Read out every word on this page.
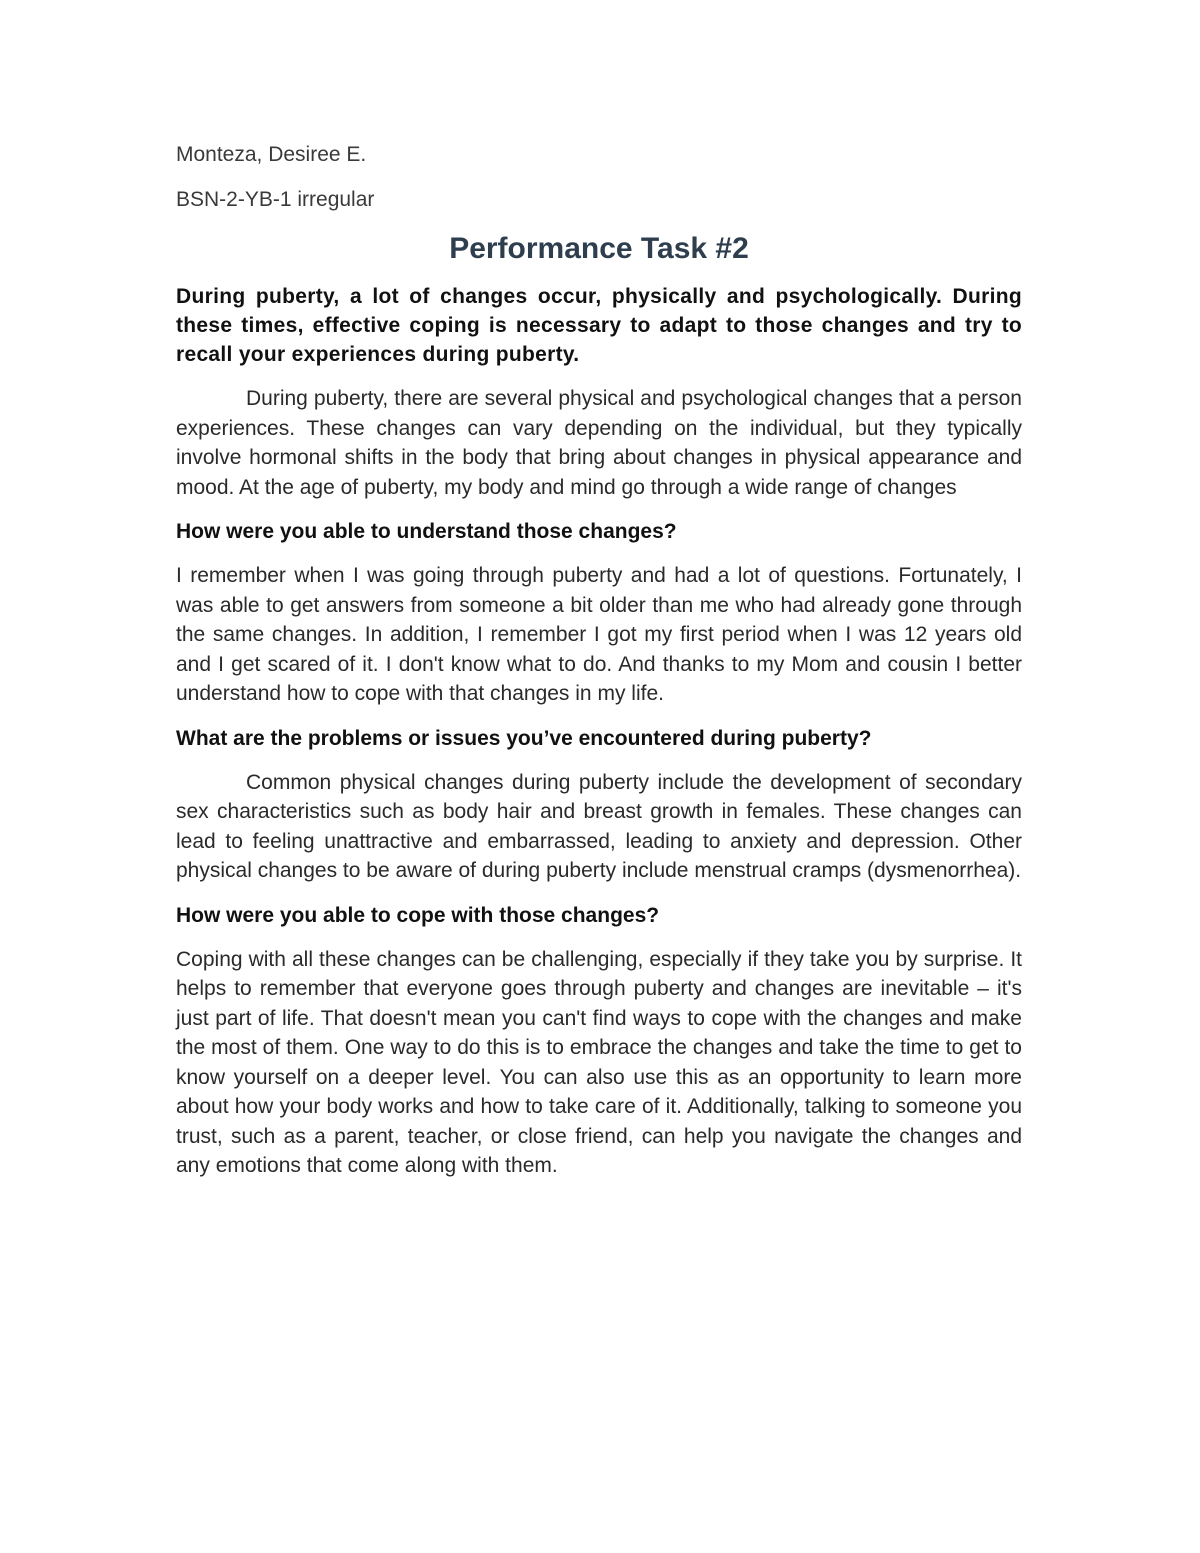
Monteza, Desiree E.

BSN-2-YB-1 irregular

Performance Task #2

During puberty, a lot of changes occur, physically and psychologically. During these times, effective coping is necessary to adapt to those changes and try to recall your experiences during puberty.

During puberty, there are several physical and psychological changes that a person experiences. These changes can vary depending on the individual, but they typically involve hormonal shifts in the body that bring about changes in physical appearance and mood. At the age of puberty, my body and mind go through a wide range of changes

How were you able to understand those changes?

I remember when I was going through puberty and had a lot of questions. Fortunately, I was able to get answers from someone a bit older than me who had already gone through the same changes. In addition, I remember I got my first period when I was 12 years old and I get scared of it. I don't know what to do. And thanks to my Mom and cousin I better understand how to cope with that changes in my life.

What are the problems or issues you’ve encountered during puberty?

Common physical changes during puberty include the development of secondary sex characteristics such as body hair and breast growth in females. These changes can lead to feeling unattractive and embarrassed, leading to anxiety and depression. Other physical changes to be aware of during puberty include menstrual cramps (dysmenorrhea).

How were you able to cope with those changes?

Coping with all these changes can be challenging, especially if they take you by surprise. It helps to remember that everyone goes through puberty and changes are inevitable – it's just part of life. That doesn't mean you can't find ways to cope with the changes and make the most of them. One way to do this is to embrace the changes and take the time to get to know yourself on a deeper level. You can also use this as an opportunity to learn more about how your body works and how to take care of it. Additionally, talking to someone you trust, such as a parent, teacher, or close friend, can help you navigate the changes and any emotions that come along with them.
